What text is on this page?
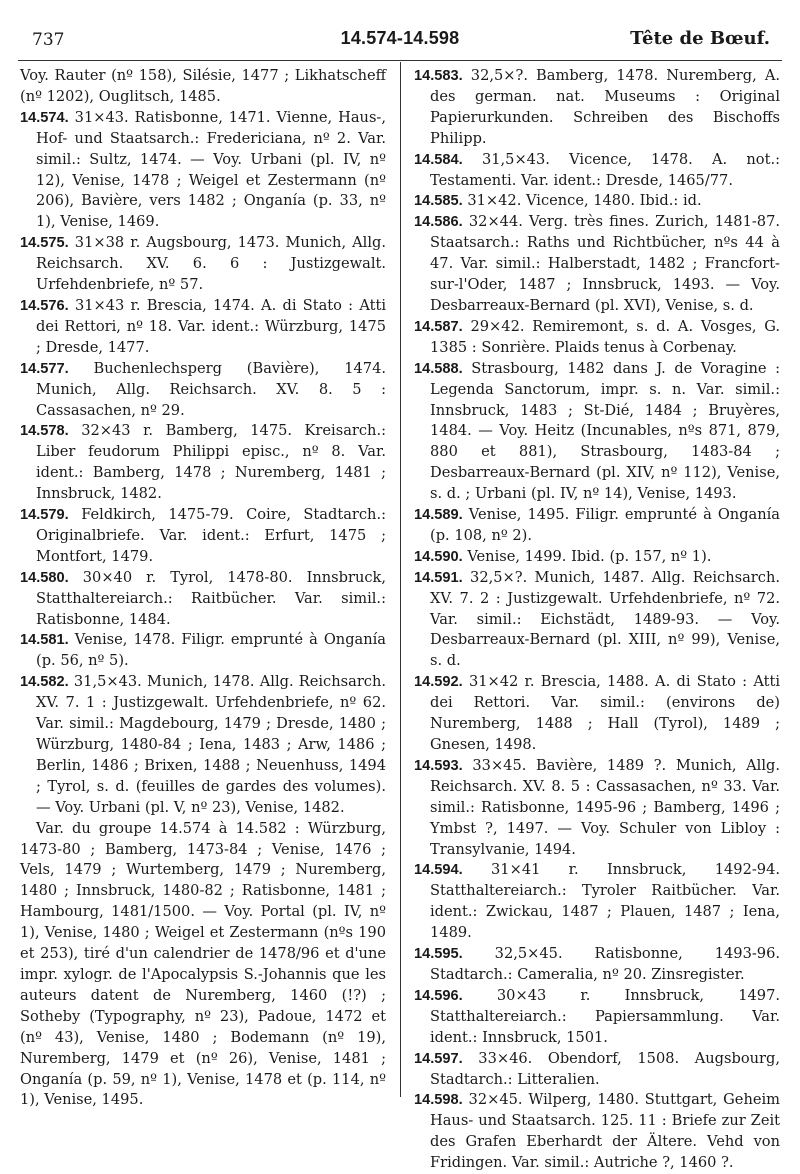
737	14.574-14.598	Tête de Bœuf.

Voy. Rauter (nº 158), Silésie, 1477 ; Likhatscheff (nº 1202), Ouglitsch, 1485.

14.574. 31×43. Ratisbonne, 1471. Vienne, Haus-, Hof- und Staatsarch.: Fredericiana, nº 2. Var. simil.: Sultz, 1474. — Voy. Urbani (pl. IV, nº 12), Venise, 1478 ; Weigel et Zestermann (nº 206), Bavière, vers 1482 ; Onganía (p. 33, nº 1), Venise, 1469.

14.575. 31×38 r. Augsbourg, 1473. Munich, Allg. Reichsarch. XV. 6. 6 : Justizgewalt. Urfehdenbriefe, nº 57.

14.576. 31×43 r. Brescia, 1474. A. di Stato : Atti dei Rettori, nº 18. Var. ident.: Würzburg, 1475 ; Dresde, 1477.

14.577. Buchenlechsperg (Bavière), 1474. Munich, Allg. Reichsarch. XV. 8. 5 : Cassasachen, nº 29.

14.578. 32×43 r. Bamberg, 1475. Kreisarch.: Liber feudorum Philippi episc., nº 8. Var. ident.: Bamberg, 1478 ; Nuremberg, 1481 ; Innsbruck, 1482.

14.579. Feldkirch, 1475-79. Coire, Stadtarch.: Originalbriefe. Var. ident.: Erfurt, 1475 ; Montfort, 1479.

14.580. 30×40 r. Tyrol, 1478-80. Innsbruck, Statthaltereiarch.: Raitbücher. Var. simil.: Ratisbonne, 1484.

14.581. Venise, 1478. Filigr. emprunté à Onganía (p. 56, nº 5).

14.582. 31,5×43. Munich, 1478. Allg. Reichsarch. XV. 7. 1 : Justizgewalt. Urfehdenbriefe, nº 62. Var. simil.: Magdebourg, 1479 ; Dresde, 1480 ; Würzburg, 1480-84 ; Iena, 1483 ; Arw, 1486 ; Berlin, 1486 ; Brixen, 1488 ; Neuenhuss, 1494 ; Tyrol, s. d. (feuilles de gardes des volumes). — Voy. Urbani (pl. V, nº 23), Venise, 1482.

Var. du groupe 14.574 à 14.582 : Würzburg, 1473-80 ; Bamberg, 1473-84 ; Venise, 1476 ; Vels, 1479 ; Wurtemberg, 1479 ; Nuremberg, 1480 ; Innsbruck, 1480-82 ; Ratisbonne, 1481 ; Hambourg, 1481/1500. — Voy. Portal (pl. IV, nº 1), Venise, 1480 ; Weigel et Zestermann (nºs 190 et 253), tiré d'un calendrier de 1478/96 et d'une impr. xylogr. de l'Apocalypsis S.-Johannis que les auteurs datent de Nuremberg, 1460 (!?) ; Sotheby (Typography, nº 23), Padoue, 1472 et (nº 43), Venise, 1480 ; Bodemann (nº 19), Nuremberg, 1479 et (nº 26), Venise, 1481 ; Onganía (p. 59, nº 1), Venise, 1478 et (p. 114, nº 1), Venise, 1495.

14.583. 32,5×?. Bamberg, 1478. Nuremberg, A. des german. nat. Museums : Original Papierurkunden. Schreiben des Bischoffs Philipp.

14.584. 31,5×43. Vicence, 1478. A. not.: Testamenti. Var. ident.: Dresde, 1465/77.

14.585. 31×42. Vicence, 1480. Ibid.: id.

14.586. 32×44. Verg. très fines. Zurich, 1481-87. Staatsarch.: Raths und Richtbücher, nºs 44 à 47. Var. simil.: Halberstadt, 1482 ; Francfort-sur-l'Oder, 1487 ; Innsbruck, 1493. — Voy. Desbarreaux-Bernard (pl. XVI), Venise, s. d.

14.587. 29×42. Remiremont, s. d. A. Vosges, G. 1385 : Sonrière. Plaids tenus à Corbenay.

14.588. Strasbourg, 1482 dans J. de Voragine : Legenda Sanctorum, impr. s. n. Var. simil.: Innsbruck, 1483 ; St-Dié, 1484 ; Bruyères, 1484. — Voy. Heitz (Incunables, nºs 871, 879, 880 et 881), Strasbourg, 1483-84 ; Desbarreaux-Bernard (pl. XIV, nº 112), Venise, s. d. ; Urbani (pl. IV, nº 14), Venise, 1493.

14.589. Venise, 1495. Filigr. emprunté à Onganía (p. 108, nº 2).

14.590. Venise, 1499. Ibid. (p. 157, nº 1).

14.591. 32,5×?. Munich, 1487. Allg. Reichsarch. XV. 7. 2 : Justizgewalt. Urfehdenbriefe, nº 72. Var. simil.: Eichstädt, 1489-93. — Voy. Desbarreaux-Bernard (pl. XIII, nº 99), Venise, s. d.

14.592. 31×42 r. Brescia, 1488. A. di Stato : Atti dei Rettori. Var. simil.: (environs de) Nuremberg, 1488 ; Hall (Tyrol), 1489 ; Gnesen, 1498.

14.593. 33×45. Bavière, 1489 ?. Munich, Allg. Reichsarch. XV. 8. 5 : Cassasachen, nº 33. Var. simil.: Ratisbonne, 1495-96 ; Bamberg, 1496 ; Ymbst ?, 1497. — Voy. Schuler von Libloy : Transylvanie, 1494.

14.594. 31×41 r. Innsbruck, 1492-94. Statthaltereiarch.: Tyroler Raitbücher. Var. ident.: Zwickau, 1487 ; Plauen, 1487 ; Iena, 1489.

14.595. 32,5×45. Ratisbonne, 1493-96. Stadtarch.: Cameralia, nº 20. Zinsregister.

14.596. 30×43 r. Innsbruck, 1497. Statthaltereiarch.: Papiersammlung. Var. ident.: Innsbruck, 1501.

14.597. 33×46. Obendorf, 1508. Augsbourg, Stadtarch.: Litteralien.

14.598. 32×45. Wilperg, 1480. Stuttgart, Geheim Haus- und Staatsarch. 125. 11 : Briefe zur Zeit des Grafen Eberhardt der Ältere. Vehd von Fridingen. Var. simil.: Autriche ?, 1460 ?.
